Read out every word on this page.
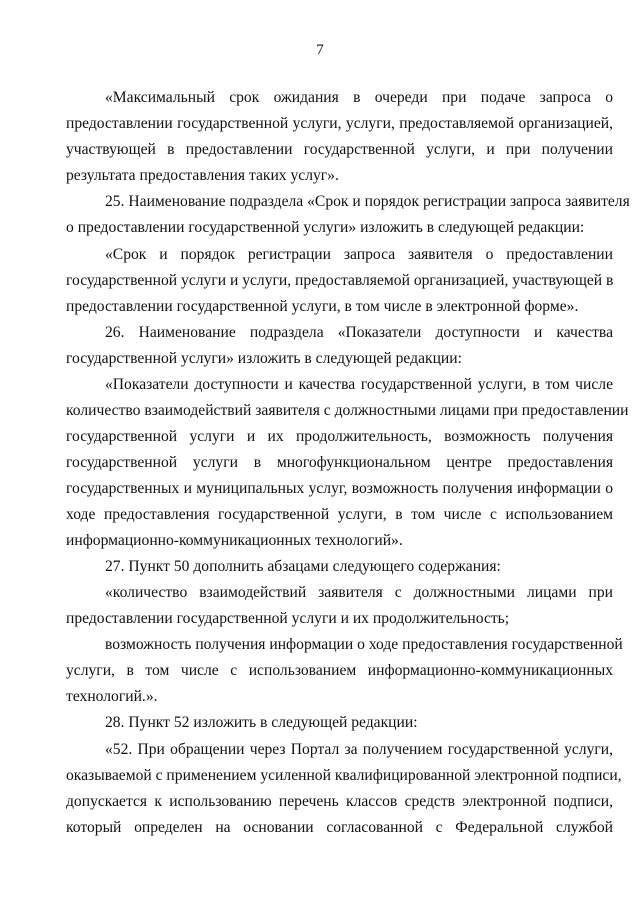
7
«Максимальный срок ожидания в очереди при подаче запроса о
предоставлении государственной услуги, услуги, предоставляемой организацией,
участвующей в предоставлении государственной услуги, и при получении
результата предоставления таких услуг».
25. Наименование подраздела «Срок и порядок регистрации запроса заявителя
о предоставлении государственной услуги» изложить в следующей редакции:
«Срок и порядок регистрации запроса заявителя о предоставлении
государственной услуги и услуги, предоставляемой организацией, участвующей в
предоставлении государственной услуги, в том числе в электронной форме».
26. Наименование подраздела «Показатели доступности и качества
государственной услуги» изложить в следующей редакции:
«Показатели доступности и качества государственной услуги, в том числе
количество взаимодействий заявителя с должностными лицами при предоставлении
государственной услуги и их продолжительность, возможность получения
государственной услуги в многофункциональном центре предоставления
государственных и муниципальных услуг, возможность получения информации о
ходе предоставления государственной услуги, в том числе с использованием
информационно-коммуникационных технологий».
27. Пункт 50 дополнить абзацами следующего содержания:
«количество взаимодействий заявителя с должностными лицами при
предоставлении государственной услуги и их продолжительность;
возможность получения информации о ходе предоставления государственной
услуги, в том числе с использованием информационно-коммуникационных
технологий.».
28. Пункт 52 изложить в следующей редакции:
«52. При обращении через Портал за получением государственной услуги,
оказываемой с применением усиленной квалифицированной электронной подписи,
допускается к использованию перечень классов средств электронной подписи,
который определен на основании согласованной с Федеральной службой
